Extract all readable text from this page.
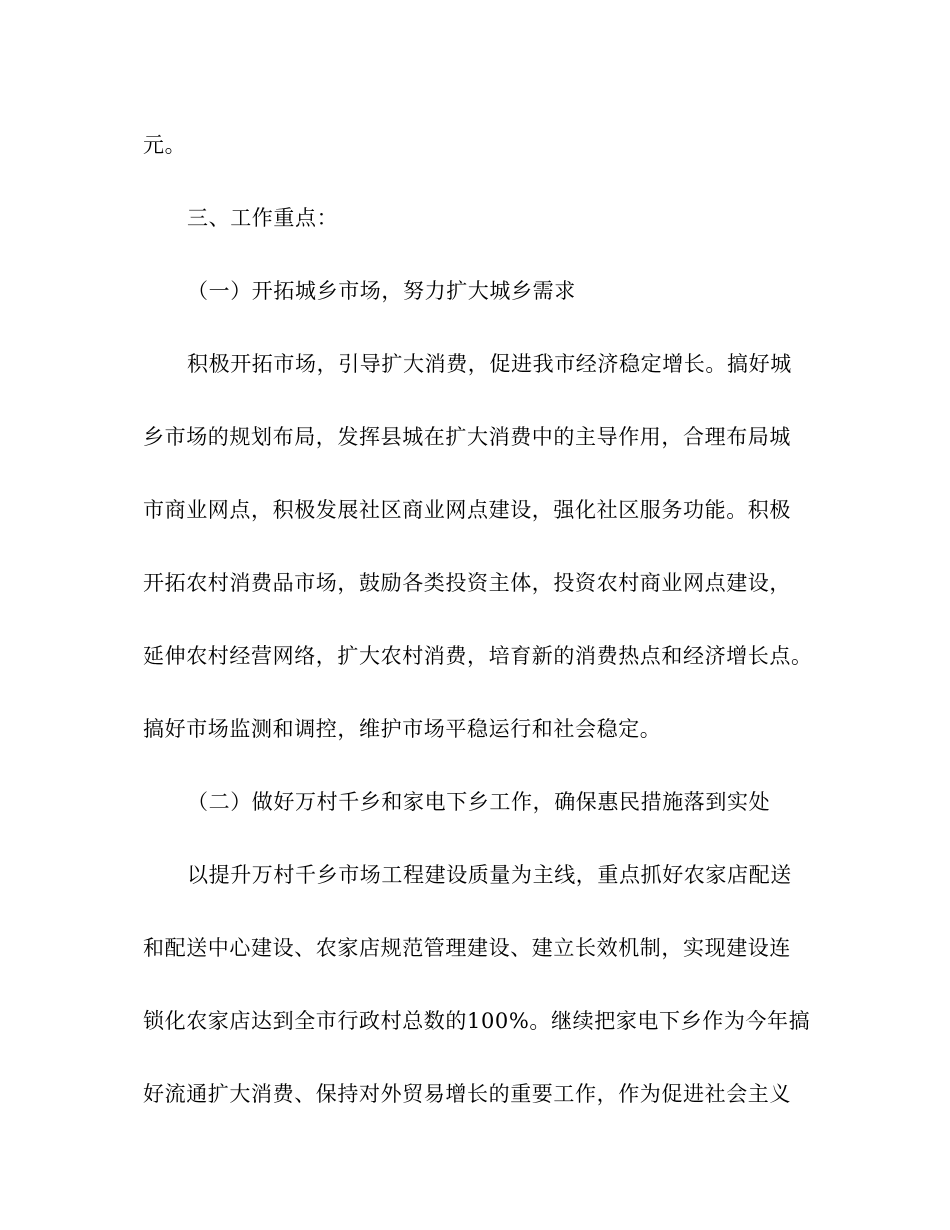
元。
三、工作重点：
（一）开拓城乡市场，努力扩大城乡需求
积极开拓市场，引导扩大消费，促进我市经济稳定增长。搞好城
乡市场的规划布局，发挥县城在扩大消费中的主导作用，合理布局城
市商业网点，积极发展社区商业网点建设，强化社区服务功能。积极
开拓农村消费品市场，鼓励各类投资主体，投资农村商业网点建设，
延伸农村经营网络，扩大农村消费，培育新的消费热点和经济增长点。
搞好市场监测和调控，维护市场平稳运行和社会稳定。
（二）做好万村千乡和家电下乡工作，确保惠民措施落到实处
以提升万村千乡市场工程建设质量为主线，重点抓好农家店配送
和配送中心建设、农家店规范管理建设、建立长效机制，实现建设连
锁化农家店达到全市行政村总数的100%。继续把家电下乡作为今年搞
好流通扩大消费、保持对外贸易增长的重要工作，作为促进社会主义
